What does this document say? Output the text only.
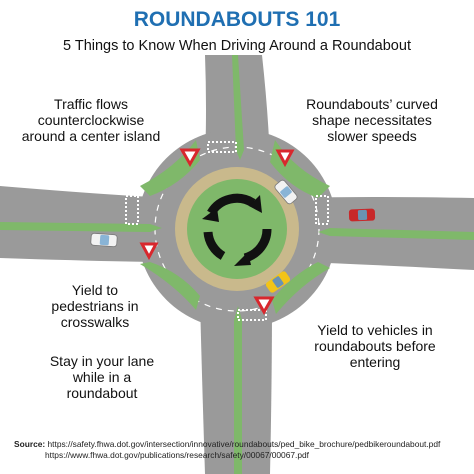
ROUNDABOUTS 101
5 Things to Know When Driving Around a Roundabout
Traffic flows
counterclockwise
around a center island
Roundabouts’ curved
shape necessitates
slower speeds
Yield to
pedestrians in
crosswalks
Stay in your lane
while in a
roundabout
Yield to vehicles in
roundabouts before
entering
Source: https://safety.fhwa.dot.gov/intersection/innovative/roundabouts/ped_bike_brochure/pedbikeroundabout.pdf
https://www.fhwa.dot.gov/publications/research/safety/00067/00067.pdf
